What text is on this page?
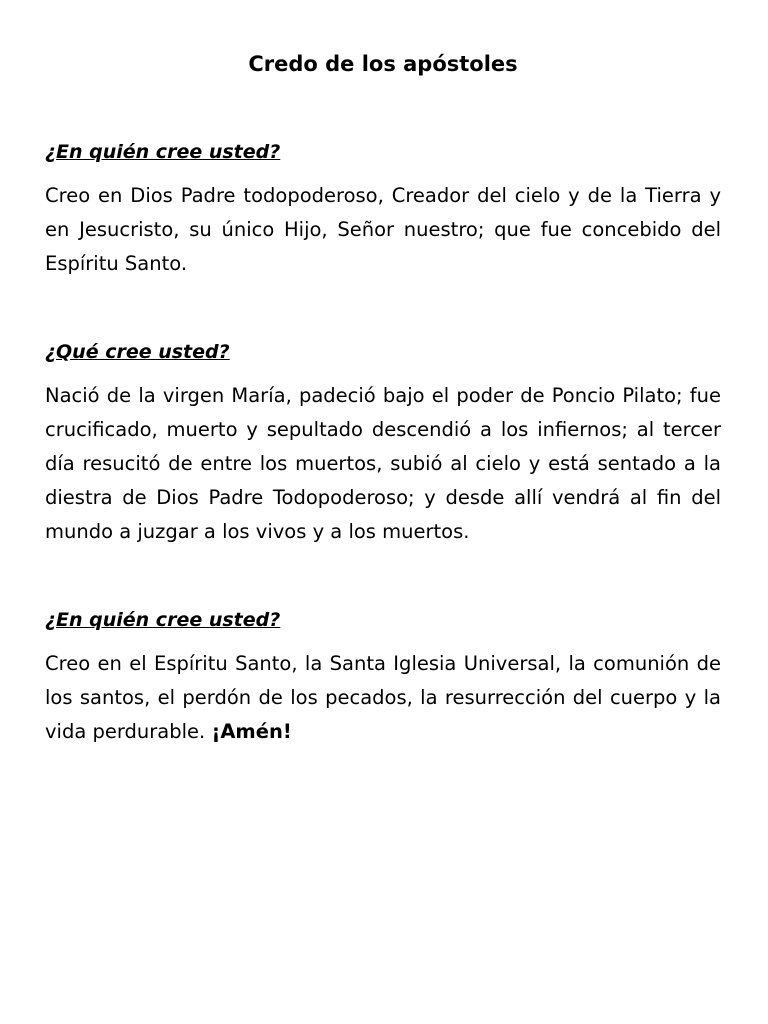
Credo de los apóstoles

¿En quién cree usted?

Creo en Dios Padre todopoderoso, Creador del cielo y de la Tierra y en Jesucristo, su único Hijo, Señor nuestro; que fue concebido del Espíritu Santo.

¿Qué cree usted?

Nació de la virgen María, padeció bajo el poder de Poncio Pilato; fue crucificado, muerto y sepultado descendió a los infiernos; al tercer día resucitó de entre los muertos, subió al cielo y está sentado a la diestra de Dios Padre Todopoderoso; y desde allí vendrá al fin del mundo a juzgar a los vivos y a los muertos.

¿En quién cree usted?

Creo en el Espíritu Santo, la Santa Iglesia Universal, la comunión de los santos, el perdón de los pecados, la resurrección del cuerpo y la vida perdurable. ¡Amén!
